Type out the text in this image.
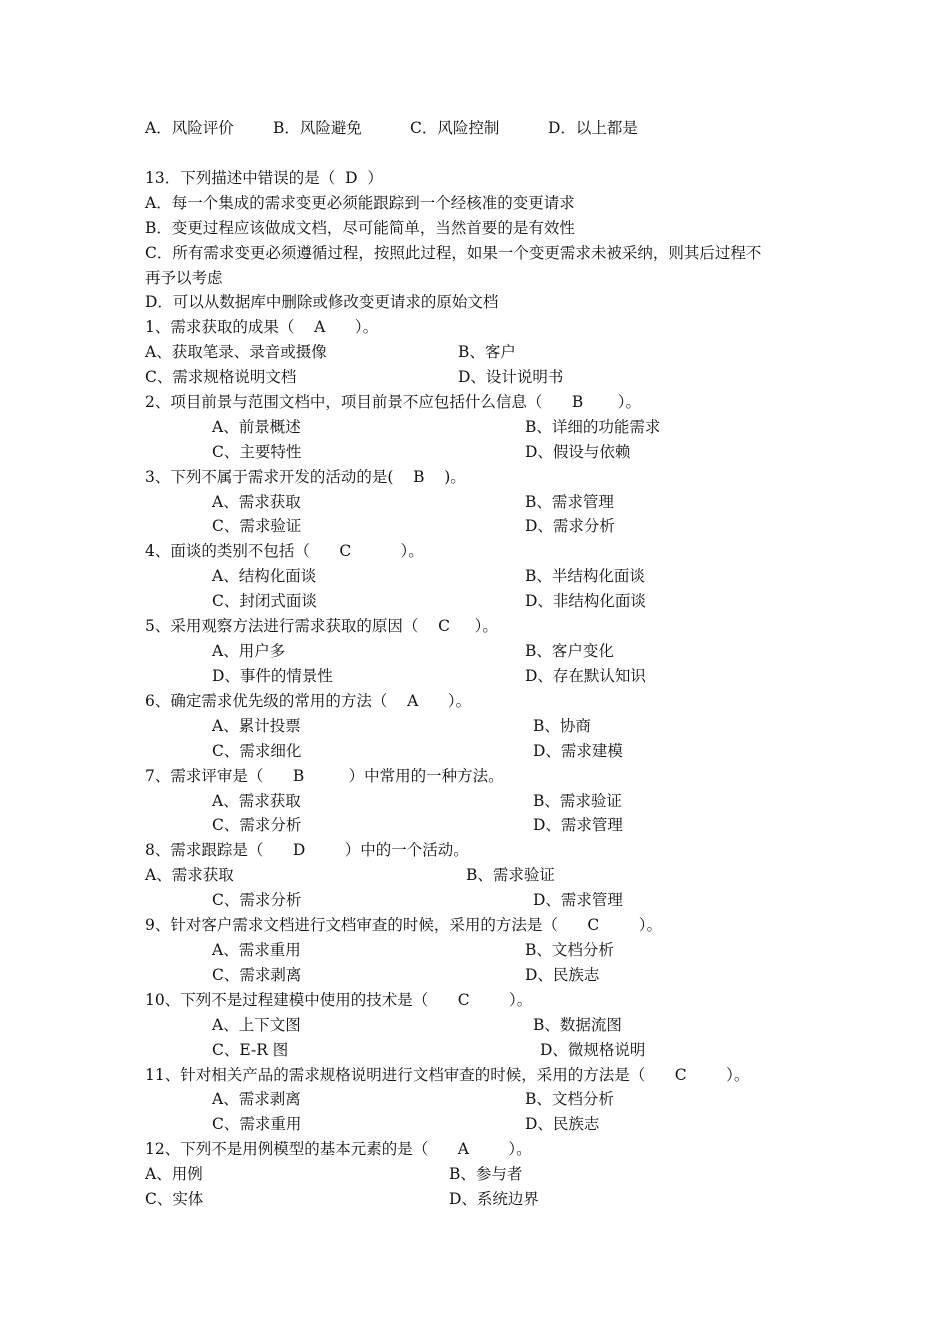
A．风险评价	B．风险避免	C．风险控制	D．以上都是
13．下列描述中错误的是（  D  ）
A．每一个集成的需求变更必须能跟踪到一个经核准的变更请求
B．变更过程应该做成文档，尽可能简单，当然首要的是有效性
C．所有需求变更必须遵循过程，按照此过程，如果一个变更需求未被采纳，则其后过程不
再予以考虑
D．可以从数据库中删除或修改变更请求的原始文档
1、需求获取的成果（    A      ）。
A、获取笔录、录音或摄像	B、客户
C、需求规格说明文档	D、设计说明书
2、项目前景与范围文档中，项目前景不应包括什么信息（      B       ）。
A、前景概述	B、详细的功能需求
C、主要特性	D、假设与依赖
3、下列不属于需求开发的活动的是(    B    )。
A、需求获取	B、需求管理
C、需求验证	D、需求分析
4、面谈的类别不包括（      C          ）。
A、结构化面谈	B、半结构化面谈
C、封闭式面谈	D、非结构化面谈
5、采用观察方法进行需求获取的原因（    C     ）。
A、用户多	B、客户变化
D、事件的情景性	D、存在默认知识
6、确定需求优先级的常用的方法（    A      ）。
A、累计投票	B、协商
C、需求细化	D、需求建模
7、需求评审是（      B         ）中常用的一种方法。
A、需求获取	B、需求验证
C、需求分析	D、需求管理
8、需求跟踪是（      D        ）中的一个活动。
A、需求获取	B、需求验证
C、需求分析	D、需求管理
9、针对客户需求文档进行文档审查的时候，采用的方法是（      C        ）。
A、需求重用	B、文档分析
C、需求剥离	D、民族志
10、下列不是过程建模中使用的技术是（      C        ）。
A、上下文图	B、数据流图
C、E-R 图	D、微规格说明
11、针对相关产品的需求规格说明进行文档审查的时候，采用的方法是（      C        ）。
A、需求剥离	B、文档分析
C、需求重用	D、民族志
12、下列不是用例模型的基本元素的是（      A        ）。
A、用例	B、参与者
C、实体	D、系统边界
